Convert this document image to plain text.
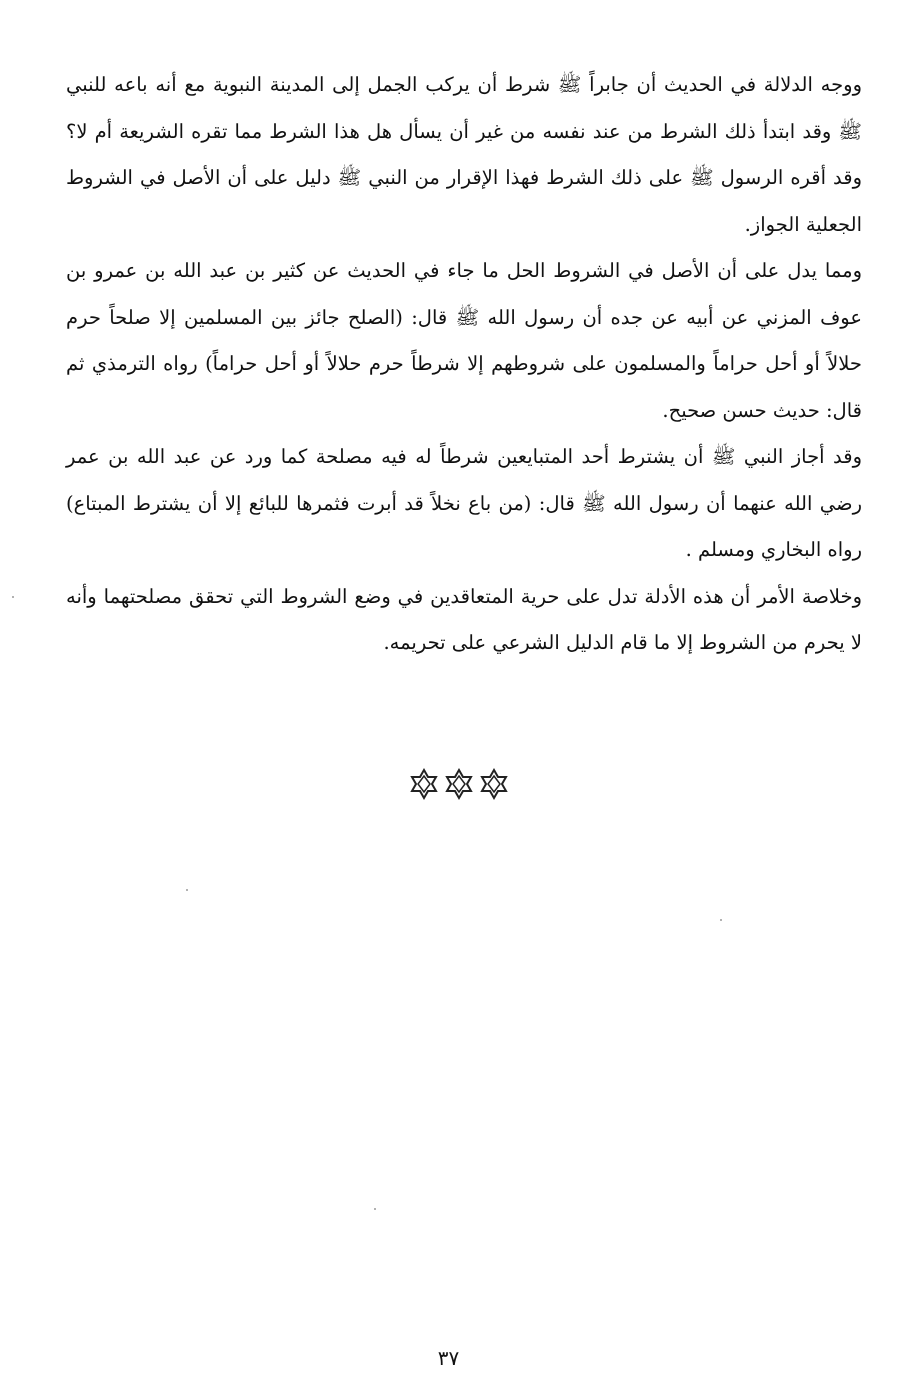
ووجه الدلالة في الحديث أن جابراً ﷺ شرط أن يركب الجمل إلى المدينة النبوية مع أنه باعه للنبي ﷺ وقد ابتدأ ذلك الشرط من عند نفسه من غير أن يسأل هل هذا الشرط مما تقره الشريعة أم لا؟ وقد أقره الرسول ﷺ على ذلك الشرط فهذا الإقرار من النبي ﷺ دليل على أن الأصل في الشروط الجعلية الجواز.

ومما يدل على أن الأصل في الشروط الحل ما جاء في الحديث عن كثير بن عبد الله بن عمرو بن عوف المزني عن أبيه عن جده أن رسول الله ﷺ قال: (الصلح جائز بين المسلمين إلا صلحاً حرم حلالاً أو أحل حراماً والمسلمون على شروطهم إلا شرطاً حرم حلالاً أو أحل حراماً) رواه الترمذي ثم قال: حديث حسن صحيح.

وقد أجاز النبي ﷺ أن يشترط أحد المتبايعين شرطاً له فيه مصلحة كما ورد عن عبد الله بن عمر رضي الله عنهما أن رسول الله ﷺ قال: (من باع نخلاً قد أبرت فثمرها للبائع إلا أن يشترط المبتاع) رواه البخاري ومسلم .

وخلاصة الأمر أن هذه الأدلة تدل على حرية المتعاقدين في وضع الشروط التي تحقق مصلحتهما وأنه لا يحرم من الشروط إلا ما قام الدليل الشرعي على تحريمه.

٣٧
